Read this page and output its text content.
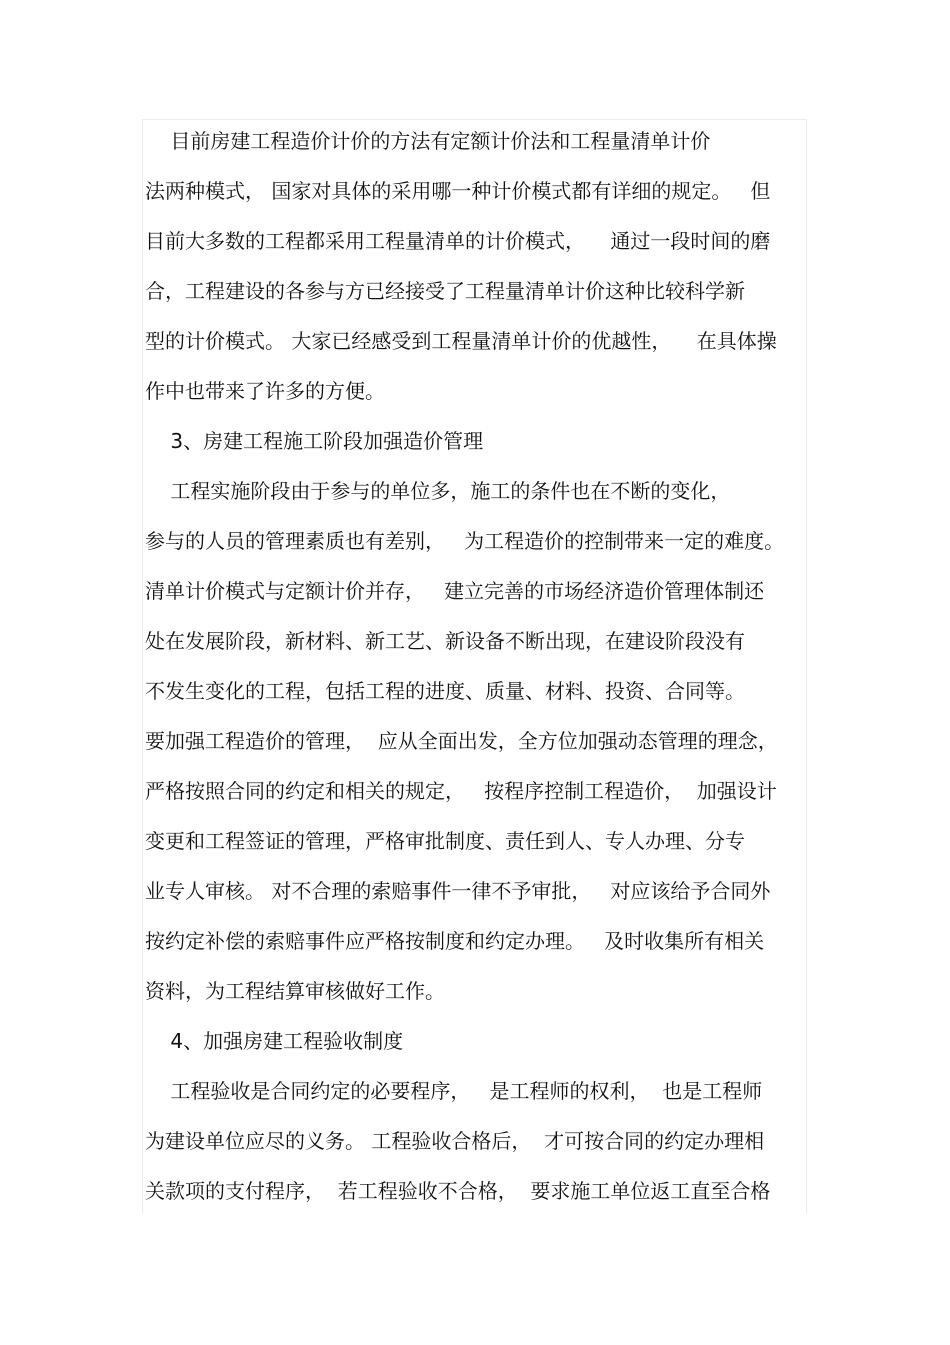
目前房建工程造价计价的方法有定额计价法和工程量清单计价
法两种模式， 国家对具体的采用哪一种计价模式都有详细的规定。   但
目前大多数的工程都采用工程量清单的计价模式，    通过一段时间的磨
合，工程建设的各参与方已经接受了工程量清单计价这种比较科学新
型的计价模式。 大家已经感受到工程量清单计价的优越性，    在具体操
作中也带来了许多的方便。
3、房建工程施工阶段加强造价管理
工程实施阶段由于参与的单位多，施工的条件也在不断的变化，
参与的人员的管理素质也有差别，   为工程造价的控制带来一定的难度。
清单计价模式与定额计价并存，   建立完善的市场经济造价管理体制还
处在发展阶段，新材料、新工艺、新设备不断出现，在建设阶段没有
不发生变化的工程，包括工程的进度、质量、材料、投资、合同等。
要加强工程造价的管理，  应从全面出发，全方位加强动态管理的理念，
严格按照合同的约定和相关的规定，   按程序控制工程造价，  加强设计
变更和工程签证的管理，严格审批制度、责任到人、专人办理、分专
业专人审核。 对不合理的索赔事件一律不予审批，   对应该给予合同外
按约定补偿的索赔事件应严格按制度和约定办理。   及时收集所有相关
资料，为工程结算审核做好工作。
4、加强房建工程验收制度
工程验收是合同约定的必要程序，   是工程师的权利，  也是工程师
为建设单位应尽的义务。 工程验收合格后，  才可按合同的约定办理相
关款项的支付程序，  若工程验收不合格，  要求施工单位返工直至合格
